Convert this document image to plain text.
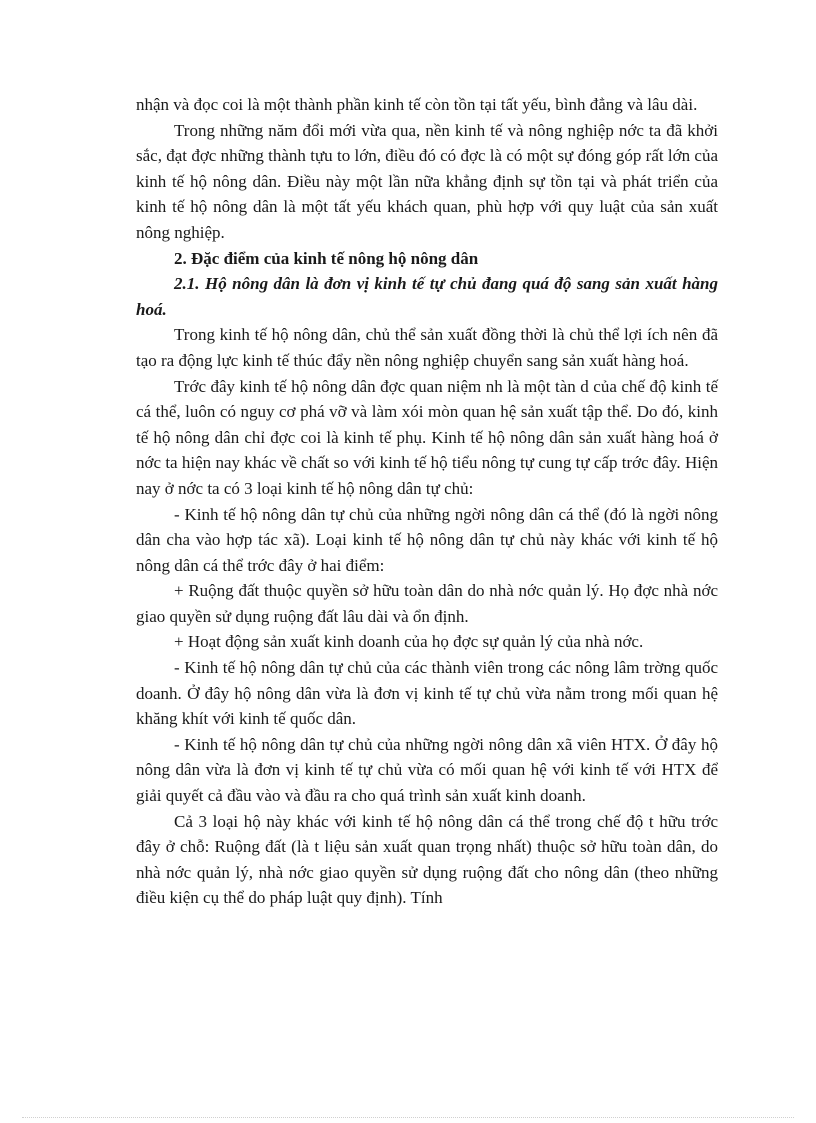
nhận và đọc coi là một thành phần kinh tế còn tồn tại tất yếu, bình đẳng và lâu dài.

Trong những năm đổi mới vừa qua, nền kinh tế và nông nghiệp nớc ta đã khởi sắc, đạt đợc những thành tựu to lớn, điều đó có đợc là có một sự đóng góp rất lớn của kinh tế hộ nông dân. Điều này một lần nữa khẳng định sự tồn tại và phát triển của kinh tế hộ nông dân là một tất yếu khách quan, phù hợp với quy luật của sản xuất nông nghiệp.

2. Đặc điểm của kinh tế nông hộ nông dân

2.1. Hộ nông dân là đơn vị kinh tế tự chủ đang quá độ sang sản xuất hàng hoá.

Trong kinh tế hộ nông dân, chủ thể sản xuất đồng thời là chủ thể lợi ích nên đã tạo ra động lực kinh tế thúc đẩy nền nông nghiệp chuyển sang sản xuất hàng hoá.

Trớc đây kinh tế hộ nông dân đợc quan niệm nh là một tàn d của chế độ kinh tế cá thể, luôn có nguy cơ phá vỡ và làm xói mòn quan hệ sản xuất tập thể. Do đó, kinh tế hộ nông dân chỉ đợc coi là kinh tế phụ. Kinh tế hộ nông dân sản xuất hàng hoá ở nớc ta hiện nay khác về chất so với kinh tế hộ tiểu nông tự cung tự cấp trớc đây. Hiện nay ở nớc ta có 3 loại kinh tế hộ nông dân tự chủ:

- Kinh tế hộ nông dân tự chủ của những ngời nông dân cá thể (đó là ngời nông dân cha vào hợp tác xã). Loại kinh tế hộ nông dân tự chủ này khác với kinh tế hộ nông dân cá thể trớc đây ở hai điểm:

+ Ruộng đất thuộc quyền sở hữu toàn dân do nhà nớc quản lý. Họ đợc nhà nớc giao quyền sử dụng ruộng đất lâu dài và ổn định.

+ Hoạt động sản xuất kinh doanh của họ đợc sự quản lý của nhà nớc.

- Kinh tế hộ nông dân tự chủ của các thành viên trong các nông lâm trờng quốc doanh. Ở đây hộ nông dân vừa là đơn vị kinh tế tự chủ vừa nằm trong mối quan hệ khăng khít với kinh tế quốc dân.

- Kinh tế hộ nông dân tự chủ của những ngời nông dân xã viên HTX. Ở đây hộ nông dân vừa là đơn vị kinh tế tự chủ vừa có mối quan hệ với kinh tế với HTX để giải quyết cả đầu vào và đầu ra cho quá trình sản xuất kinh doanh.

Cả 3 loại hộ này khác với kinh tế hộ nông dân cá thể trong chế độ t hữu trớc đây ở chỗ: Ruộng đất (là t liệu sản xuất quan trọng nhất) thuộc sở hữu toàn dân, do nhà nớc quản lý, nhà nớc giao quyền sử dụng ruộng đất cho nông dân (theo những điều kiện cụ thể do pháp luật quy định). Tính
